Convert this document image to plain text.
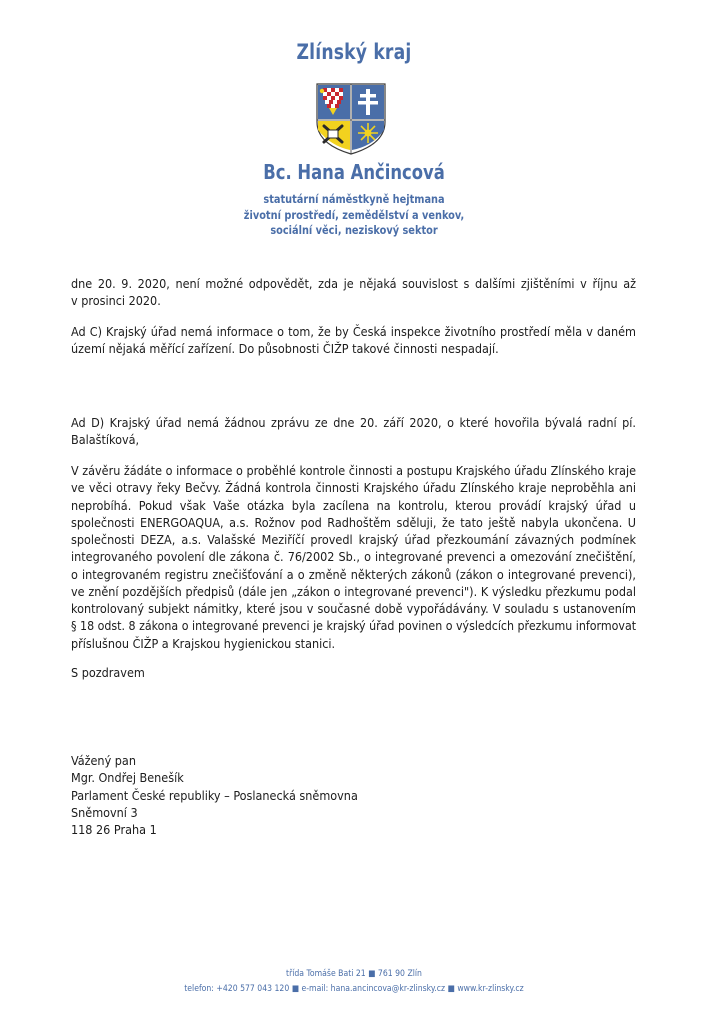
Zlínský kraj
Bc. Hana Ančincová
statutární náměstkyně hejtmana
životní prostředí, zemědělství a venkov,
sociální věci, neziskový sektor
dne 20. 9. 2020, není možné odpovědět, zda je nějaká souvislost s dalšími zjištěními v říjnu až
v prosinci 2020.
Ad C) Krajský úřad nemá informace o tom, že by Česká inspekce životního prostředí měla v daném
území nějaká měřící zařízení. Do působnosti ČIŽP takové činnosti nespadají.
Ad D) Krajský úřad nemá žádnou zprávu ze dne 20. září 2020, o které hovořila bývalá radní pí.
Balaštíková,
V závěru žádáte o informace o proběhlé kontrole činnosti a postupu Krajského úřadu Zlínského kraje
ve věci otravy řeky Bečvy. Žádná kontrola činnosti Krajského úřadu Zlínského kraje neproběhla ani
neprobíhá. Pokud však Vaše otázka byla zacílena na kontrolu, kterou provádí krajský úřad u
společnosti ENERGOAQUA, a.s. Rožnov pod Radhoštěm sděluji, že tato ještě nabyla ukončena. U
společnosti DEZA, a.s. Valašské Meziříčí provedl krajský úřad přezkoumání závazných podmínek
integrovaného povolení dle zákona č. 76/2002 Sb., o integrované prevenci a omezování znečištění,
o integrovaném registru znečišťování a o změně některých zákonů (zákon o integrované prevenci),
ve znění pozdějších předpisů (dále jen „zákon o integrované prevenci"). K výsledku přezkumu podal
kontrolovaný subjekt námitky, které jsou v současné době vypořádávány. V souladu s ustanovením
§ 18 odst. 8 zákona o integrované prevenci je krajský úřad povinen o výsledcích přezkumu informovat
příslušnou ČIŽP a Krajskou hygienickou stanici.
S pozdravem
Vážený pan
Mgr. Ondřej Benešík
Parlament České republiky – Poslanecká sněmovna
Sněmovní 3
118 26 Praha 1
třída Tomáše Bati 21 ■ 761 90 Zlín
telefon: +420 577 043 120 ■ e-mail: hana.ancincova@kr-zlinsky.cz ■ www.kr-zlinsky.cz
